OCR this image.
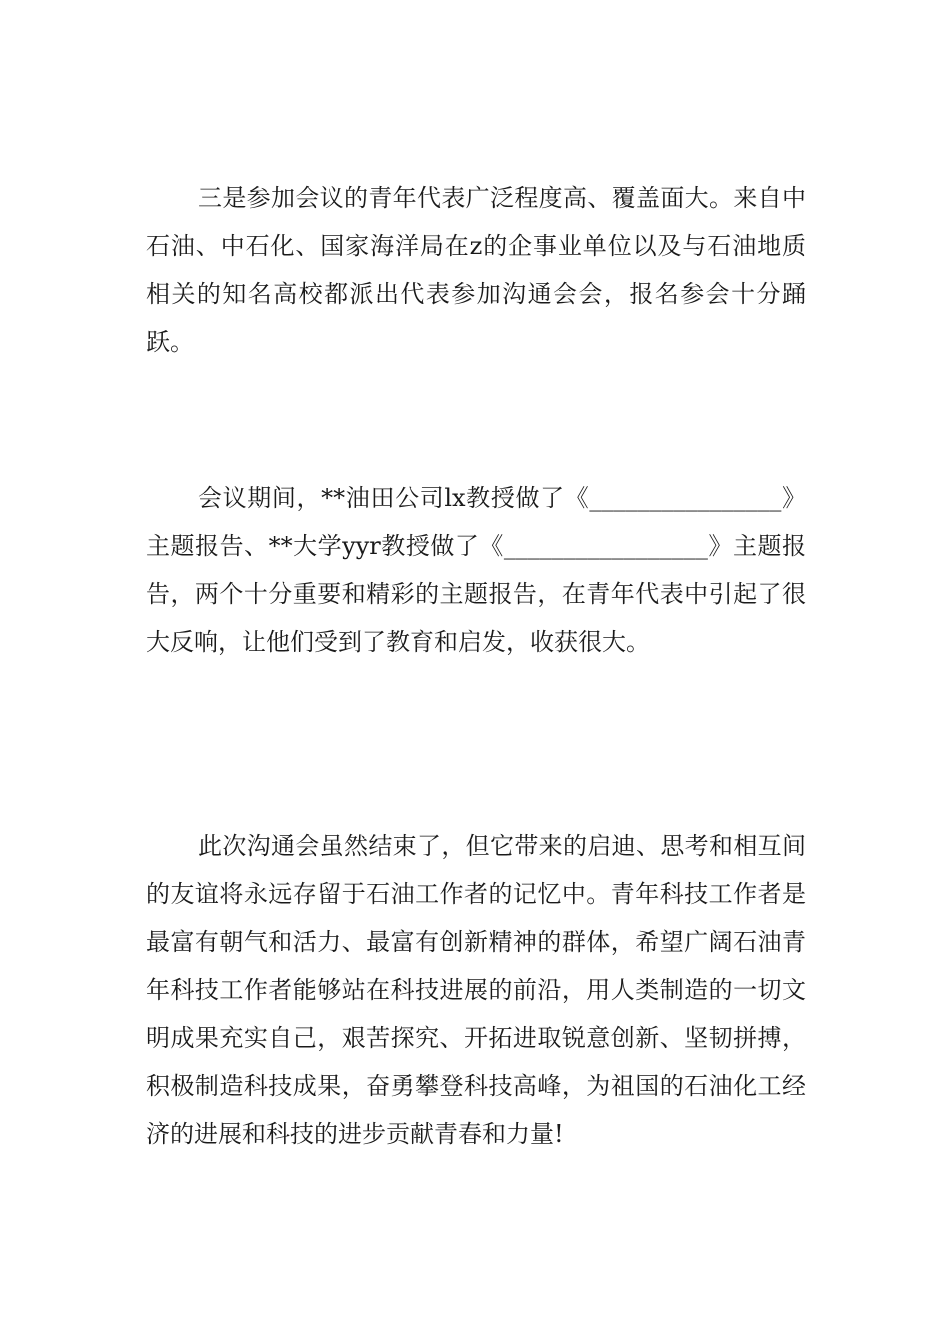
三是参加会议的青年代表广泛程度高、覆盖面大。来自中石油、中石化、国家海洋局在z的企事业单位以及与石油地质相关的知名高校都派出代表参加沟通会会，报名参会十分踊跃。

会议期间，**油田公司lx教授做了《________________》主题报告、**大学yyr教授做了《_________________》主题报告，两个十分重要和精彩的主题报告，在青年代表中引起了很大反响，让他们受到了教育和启发，收获很大。

此次沟通会虽然结束了，但它带来的启迪、思考和相互间的友谊将永远存留于石油工作者的记忆中。青年科技工作者是最富有朝气和活力、最富有创新精神的群体，希望广阔石油青年科技工作者能够站在科技进展的前沿，用人类制造的一切文明成果充实自己，艰苦探究、开拓进取锐意创新、坚韧拼搏，积极制造科技成果，奋勇攀登科技高峰，为祖国的石油化工经济的进展和科技的进步贡献青春和力量!
